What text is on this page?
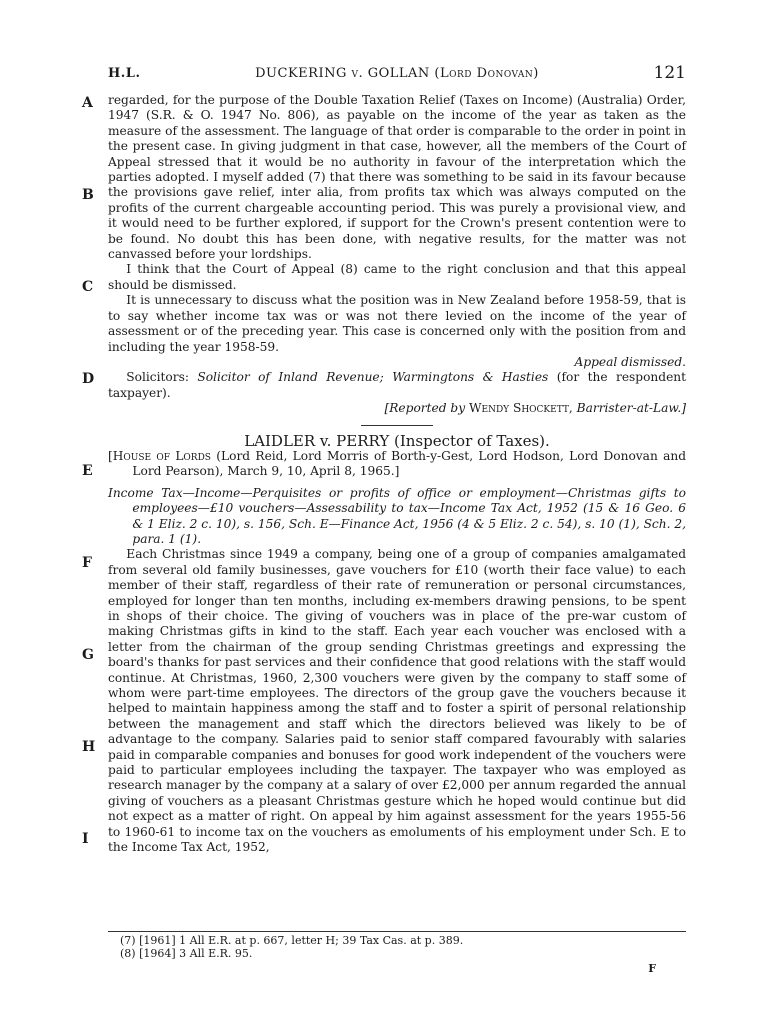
H.L.	DUCKERING v. GOLLAN (Lord Donovan)	121
A
B
C
D
E
F
G
H
I

regarded, for the purpose of the Double Taxation Relief (Taxes on Income) (Australia) Order, 1947 (S.R. & O. 1947 No. 806), as payable on the income of the year as taken as the measure of the assessment. The language of that order is comparable to the order in point in the present case. In giving judgment in that case, however, all the members of the Court of Appeal stressed that it would be no authority in favour of the interpretation which the parties adopted. I myself added (7) that there was something to be said in its favour because the provisions gave relief, inter alia, from profits tax which was always computed on the profits of the current chargeable accounting period. This was purely a provisional view, and it would need to be further explored, if support for the Crown's present contention were to be found. No doubt this has been done, with negative results, for the matter was not canvassed before your lordships.

I think that the Court of Appeal (8) came to the right conclusion and that this appeal should be dismissed.

It is unnecessary to discuss what the position was in New Zealand before 1958-59, that is to say whether income tax was or was not there levied on the income of the year of assessment or of the preceding year. This case is concerned only with the position from and including the year 1958-59.

Appeal dismissed.

Solicitors: Solicitor of Inland Revenue; Warmingtons & Hasties (for the respondent taxpayer).

[Reported by Wendy Shockett, Barrister-at-Law.]

LAIDLER v. PERRY (Inspector of Taxes).

[House of Lords (Lord Reid, Lord Morris of Borth-y-Gest, Lord Hodson, Lord Donovan and Lord Pearson), March 9, 10, April 8, 1965.]

Income Tax—Income—Perquisites or profits of office or employment—Christmas gifts to employees—£10 vouchers—Assessability to tax—Income Tax Act, 1952 (15 & 16 Geo. 6 & 1 Eliz. 2 c. 10), s. 156, Sch. E—Finance Act, 1956 (4 & 5 Eliz. 2 c. 54), s. 10 (1), Sch. 2, para. 1 (1).

Each Christmas since 1949 a company, being one of a group of companies amalgamated from several old family businesses, gave vouchers for £10 (worth their face value) to each member of their staff, regardless of their rate of remuneration or personal circumstances, employed for longer than ten months, including ex-members drawing pensions, to be spent in shops of their choice. The giving of vouchers was in place of the pre-war custom of making Christmas gifts in kind to the staff. Each year each voucher was enclosed with a letter from the chairman of the group sending Christmas greetings and expressing the board's thanks for past services and their confidence that good relations with the staff would continue. At Christmas, 1960, 2,300 vouchers were given by the company to staff some of whom were part-time employees. The directors of the group gave the vouchers because it helped to maintain happiness among the staff and to foster a spirit of personal relationship between the management and staff which the directors believed was likely to be of advantage to the company. Salaries paid to senior staff compared favourably with salaries paid in comparable companies and bonuses for good work independent of the vouchers were paid to particular employees including the taxpayer. The taxpayer who was employed as research manager by the company at a salary of over £2,000 per annum regarded the annual giving of vouchers as a pleasant Christmas gesture which he hoped would continue but did not expect as a matter of right. On appeal by him against assessment for the years 1955-56 to 1960-61 to income tax on the vouchers as emoluments of his employment under Sch. E to the Income Tax Act, 1952,

(7) [1961] 1 All E.R. at p. 667, letter H; 39 Tax Cas. at p. 389.
(8) [1964] 3 All E.R. 95.
F
